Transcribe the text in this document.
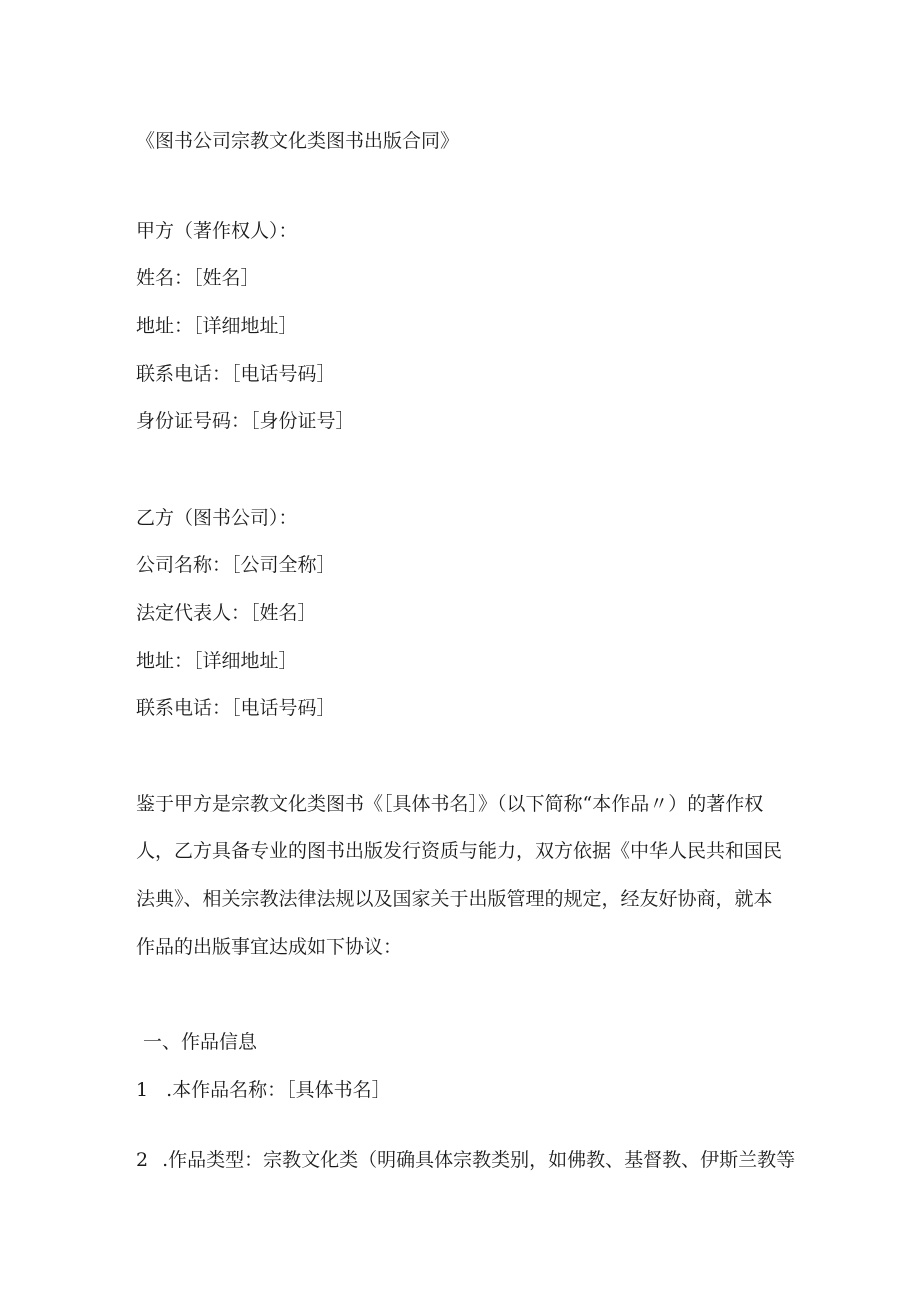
《图书公司宗教文化类图书出版合同》
甲方（著作权人）：
姓名：［姓名］
地址：［详细地址］
联系电话：［电话号码］
身份证号码：［身份证号］
乙方（图书公司）：
公司名称：［公司全称］
法定代表人：［姓名］
地址：［详细地址］
联系电话：［电话号码］
鉴于甲方是宗教文化类图书《［具体书名］》（以下简称“本作品〃）的著作权
人，乙方具备专业的图书出版发行资质与能力，双方依据《中华人民共和国民
法典》、相关宗教法律法规以及国家关于出版管理的规定，经友好协商，就本
作品的出版事宜达成如下协议：
一、作品信息
1 .本作品名称：［具体书名］
2 .作品类型：宗教文化类（明确具体宗教类别，如佛教、基督教、伊斯兰教等
